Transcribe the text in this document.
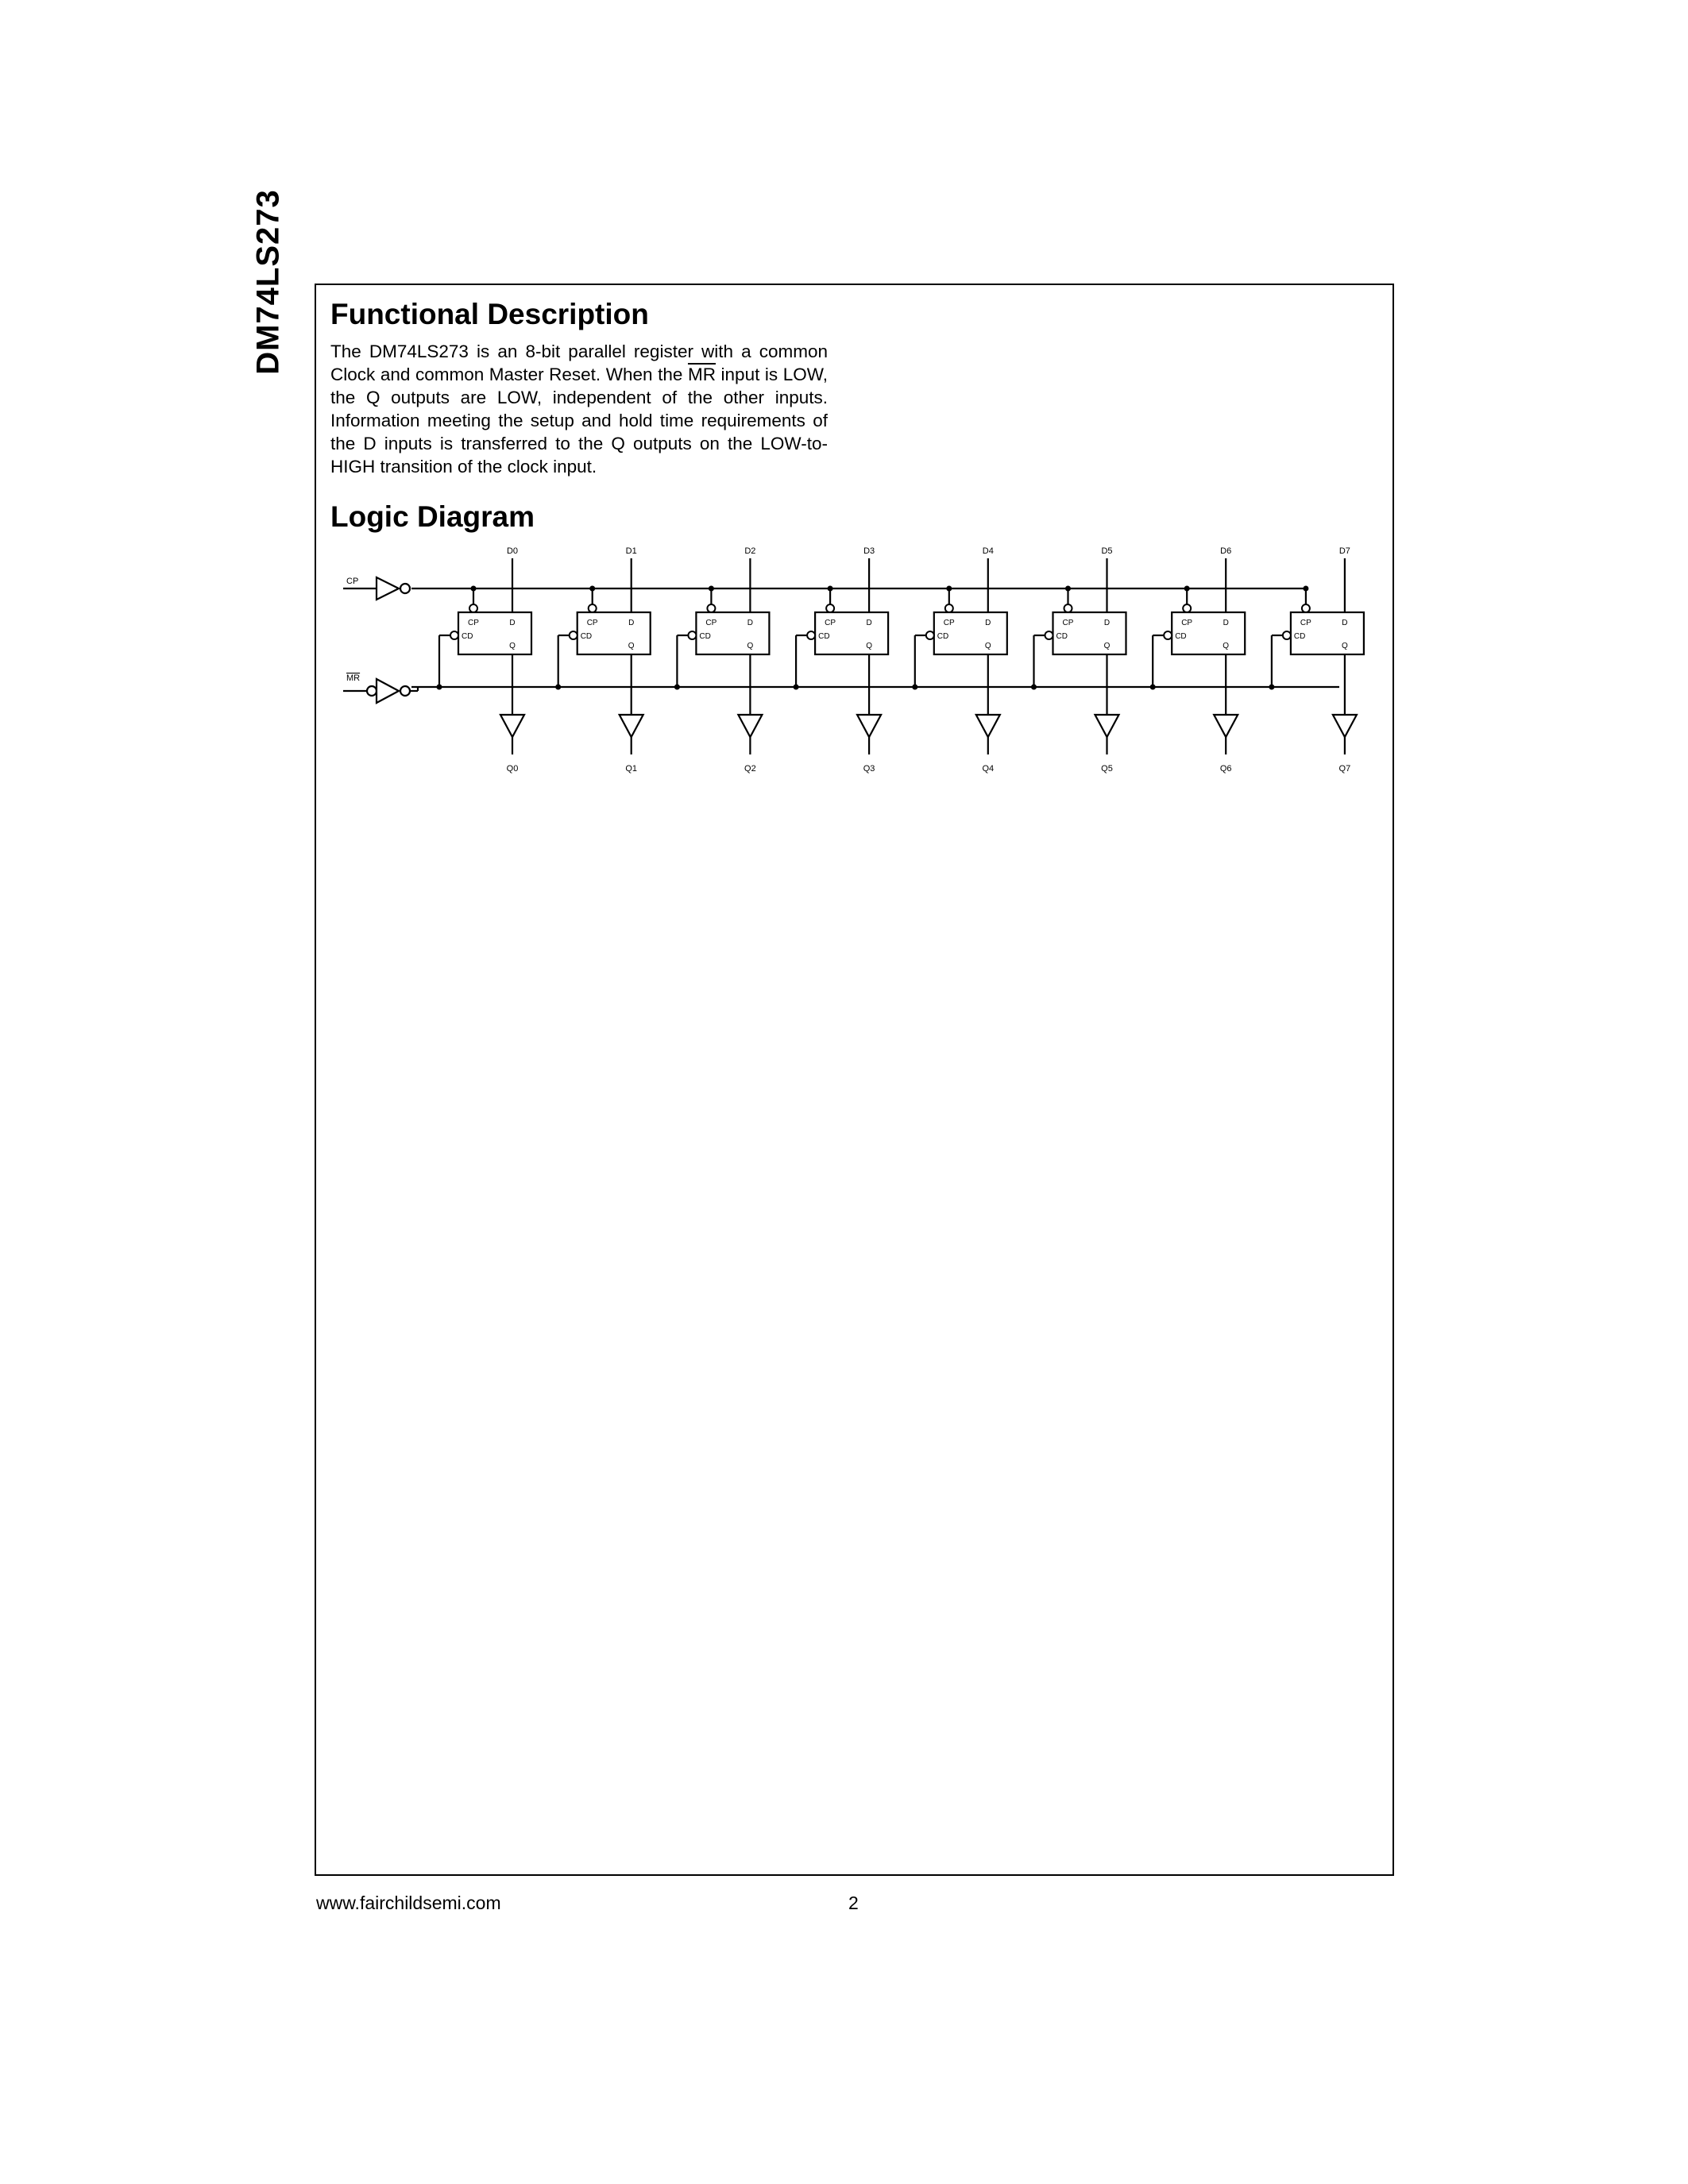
DM74LS273 Functional Description
The DM74LS273 is an 8-bit parallel register with a common Clock and common Master Reset. When the $\overline{MR}$ input is LOW, the Q outputs are LOW, independent of the other inputs. Information meeting the setup and hold time requirements of the D inputs is transferred to the Q outputs on the LOW-to-HIGH transition of the clock input.
Logic Diagram
CP
MR
D0
CP
CD
D
Q
Q0
D1
CP
CD
D
Q
Q1
D2
CP
CD
D
Q
Q2
D3
CP
CD
D
Q
Q3
D4
CP
CD
D
Q
Q4
D5
CP
CD
D
Q
Q5
D6
CP
CD
D
Q
Q6
D7
CP
CD
D
Q
Q7
www.fairchildsemi.com	2
